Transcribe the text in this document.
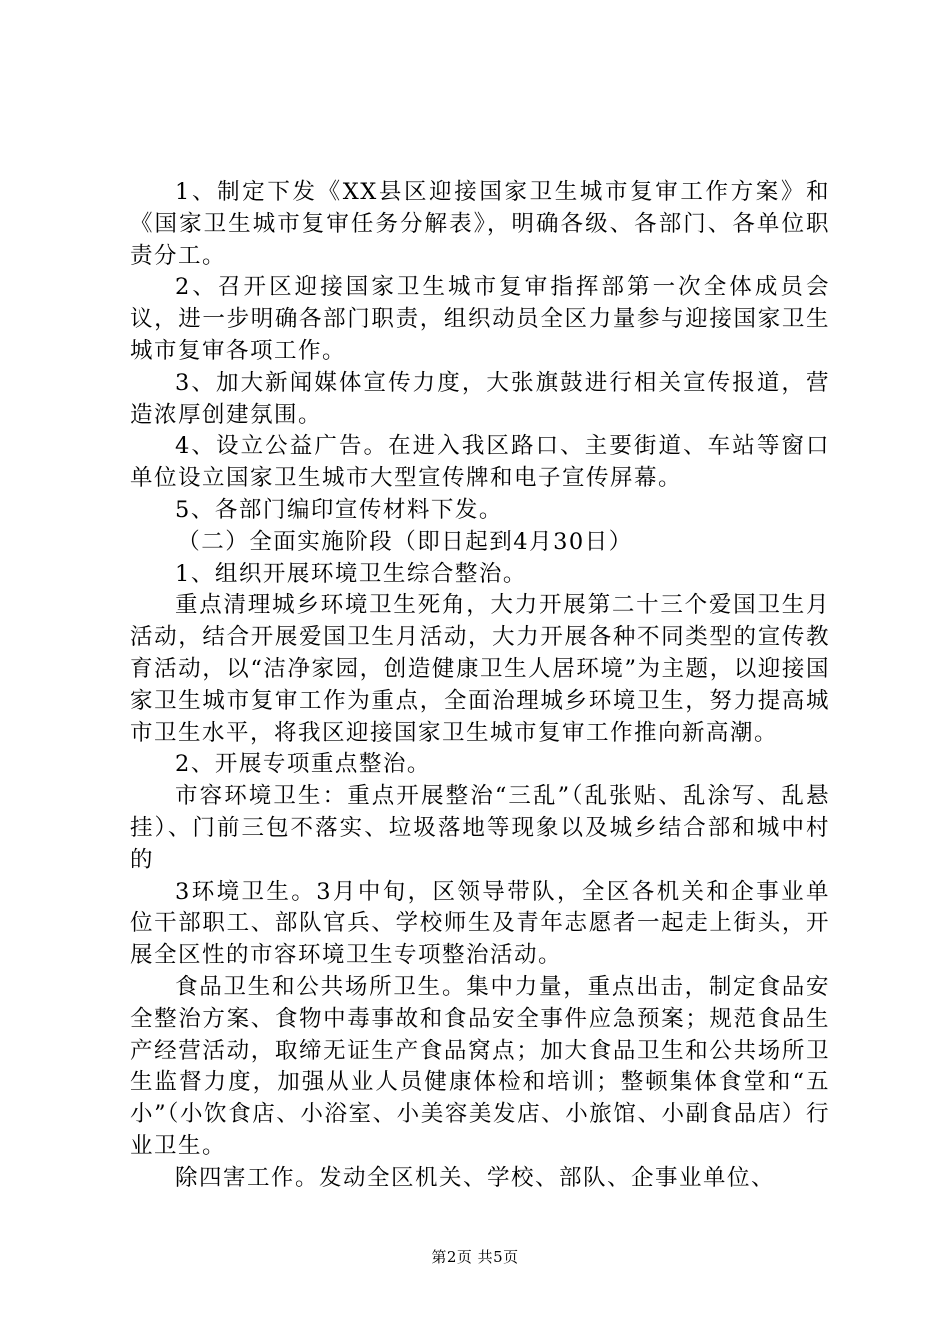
1、制定下发《XX县区迎接国家卫生城市复审工作方案》和《国家卫生城市复审任务分解表》，明确各级、各部门、各单位职责分工。

2、召开区迎接国家卫生城市复审指挥部第一次全体成员会议，进一步明确各部门职责，组织动员全区力量参与迎接国家卫生城市复审各项工作。

3、加大新闻媒体宣传力度，大张旗鼓进行相关宣传报道，营造浓厚创建氛围。

4、设立公益广告。在进入我区路口、主要街道、车站等窗口单位设立国家卫生城市大型宣传牌和电子宣传屏幕。

5、各部门编印宣传材料下发。

（二）全面实施阶段（即日起到4月30日）

1、组织开展环境卫生综合整治。

重点清理城乡环境卫生死角，大力开展第二十三个爱国卫生月活动，结合开展爱国卫生月活动，大力开展各种不同类型的宣传教育活动，以“洁净家园，创造健康卫生人居环境”为主题，以迎接国家卫生城市复审工作为重点，全面治理城乡环境卫生，努力提高城市卫生水平，将我区迎接国家卫生城市复审工作推向新高潮。

2、开展专项重点整治。

市容环境卫生：重点开展整治“三乱”（乱张贴、乱涂写、乱悬挂）、门前三包不落实、垃圾落地等现象以及城乡结合部和城中村的

3环境卫生。3月中旬，区领导带队，全区各机关和企事业单位干部职工、部队官兵、学校师生及青年志愿者一起走上街头，开展全区性的市容环境卫生专项整治活动。

食品卫生和公共场所卫生。集中力量，重点出击，制定食品安全整治方案、食物中毒事故和食品安全事件应急预案；规范食品生产经营活动，取缔无证生产食品窝点；加大食品卫生和公共场所卫生监督力度，加强从业人员健康体检和培训；整顿集体食堂和“五小”（小饮食店、小浴室、小美容美发店、小旅馆、小副食品店）行业卫生。

除四害工作。发动全区机关、学校、部队、企事业单位、

第2页 共5页
